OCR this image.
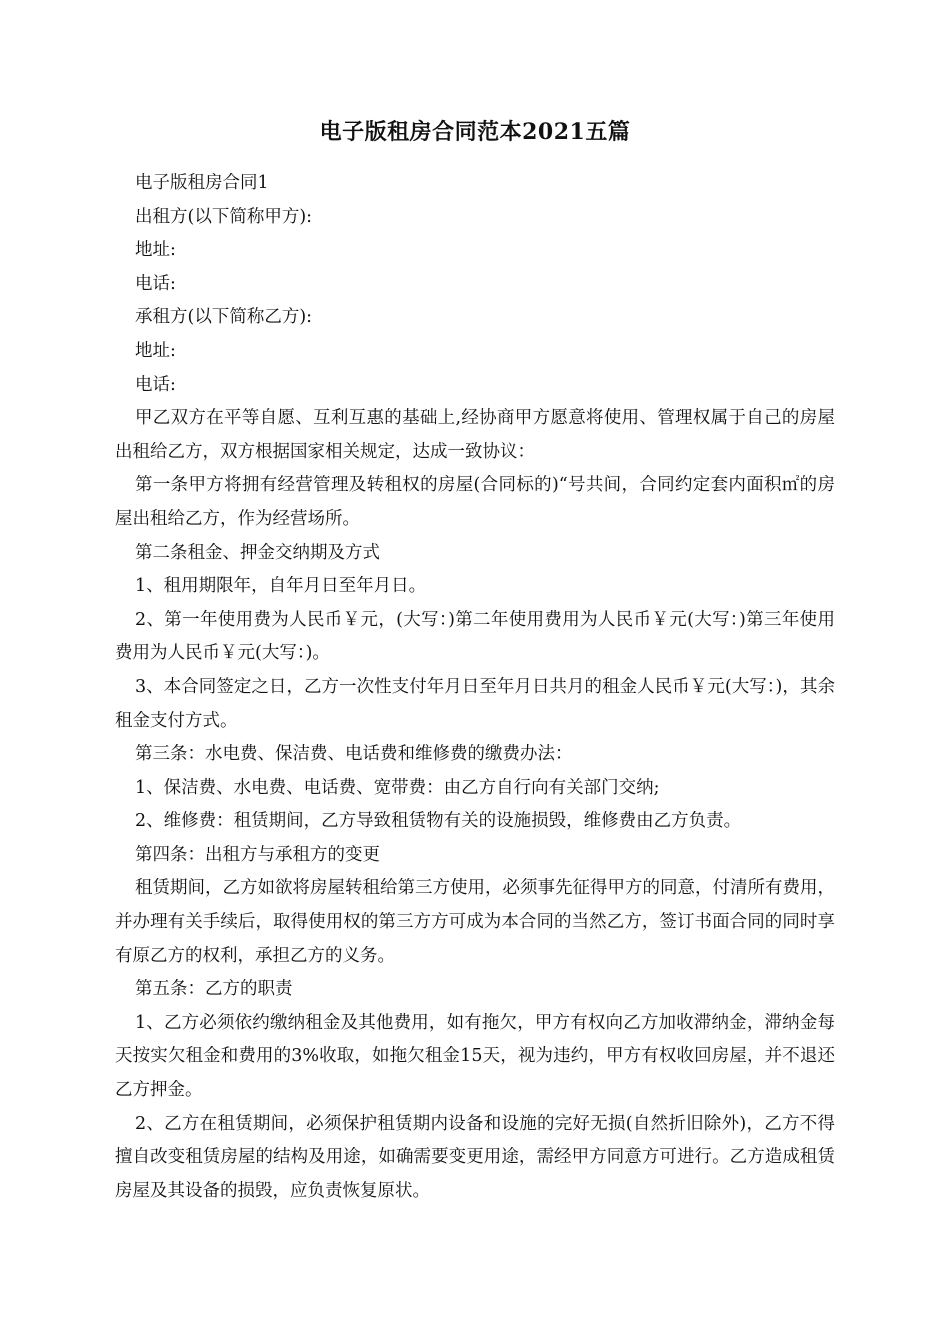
电子版租房合同范本2021五篇

电子版租房合同1

出租方(以下简称甲方):

地址:

电话:

承租方(以下简称乙方):

地址:

电话:

甲乙双方在平等自愿、互利互惠的基础上,经协商甲方愿意将使用、管理权属于自己的房屋出租给乙方，双方根据国家相关规定，达成一致协议：

第一条甲方将拥有经营管理及转租权的房屋(合同标的)“号共间，合同约定套内面积㎡的房屋出租给乙方，作为经营场所。

第二条租金、押金交纳期及方式

1、租用期限年，自年月日至年月日。

2、第一年使用费为人民币￥元，(大写：)第二年使用费用为人民币￥元(大写：)第三年使用费用为人民币￥元(大写：)。

3、本合同签定之日，乙方一次性支付年月日至年月日共月的租金人民币￥元(大写：)，其余租金支付方式。

第三条：水电费、保洁费、电话费和维修费的缴费办法：

1、保洁费、水电费、电话费、宽带费：由乙方自行向有关部门交纳;

2、维修费：租赁期间，乙方导致租赁物有关的设施损毁，维修费由乙方负责。

第四条：出租方与承租方的变更

租赁期间，乙方如欲将房屋转租给第三方使用，必须事先征得甲方的同意，付清所有费用，并办理有关手续后，取得使用权的第三方方可成为本合同的当然乙方，签订书面合同的同时享有原乙方的权利，承担乙方的义务。

第五条：乙方的职责

1、乙方必须依约缴纳租金及其他费用，如有拖欠，甲方有权向乙方加收滞纳金，滞纳金每天按实欠租金和费用的3%收取，如拖欠租金15天，视为违约，甲方有权收回房屋，并不退还乙方押金。

2、乙方在租赁期间，必须保护租赁期内设备和设施的完好无损(自然折旧除外)，乙方不得擅自改变租赁房屋的结构及用途，如确需要变更用途，需经甲方同意方可进行。乙方造成租赁房屋及其设备的损毁，应负责恢复原状。
